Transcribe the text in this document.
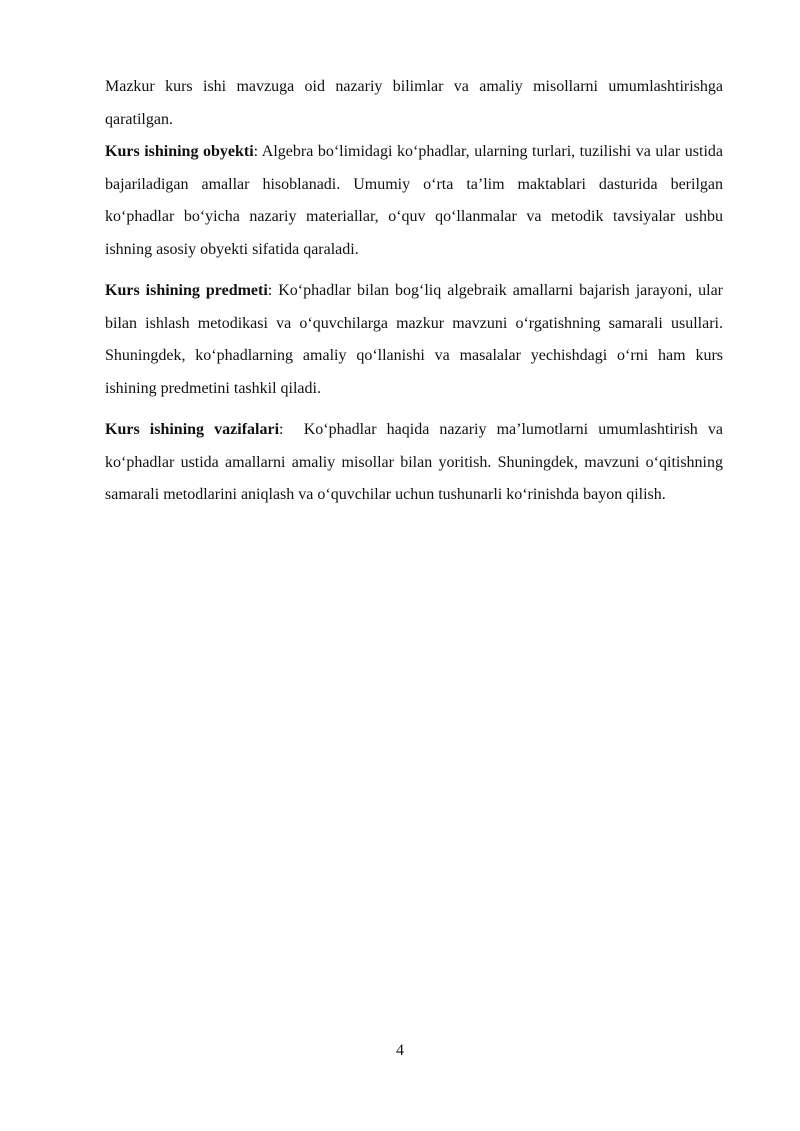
Mazkur kurs ishi mavzuga oid nazariy bilimlar va amaliy misollarni umumlashtirishga qaratilgan.

Kurs ishining obyekti: Algebra bo‘limidagi ko‘phadlar, ularning turlari, tuzilishi va ular ustida bajariladigan amallar hisoblanadi. Umumiy o‘rta ta’lim maktablari dasturida berilgan ko‘phadlar bo‘yicha nazariy materiallar, o‘quv qo‘llanmalar va metodik tavsiyalar ushbu ishning asosiy obyekti sifatida qaraladi.

Kurs ishining predmeti: Ko‘phadlar bilan bog‘liq algebraik amallarni bajarish jarayoni, ular bilan ishlash metodikasi va o‘quvchilarga mazkur mavzuni o‘rgatishning samarali usullari. Shuningdek, ko‘phadlarning amaliy qo‘llanishi va masalalar yechishdagi o‘rni ham kurs ishining predmetini tashkil qiladi.

Kurs ishining vazifalari:  Ko‘phadlar haqida nazariy ma’lumotlarni umumlashtirish va ko‘phadlar ustida amallarni amaliy misollar bilan yoritish. Shuningdek, mavzuni o‘qitishning samarali metodlarini aniqlash va o‘quvchilar uchun tushunarli ko‘rinishda bayon qilish.

4
